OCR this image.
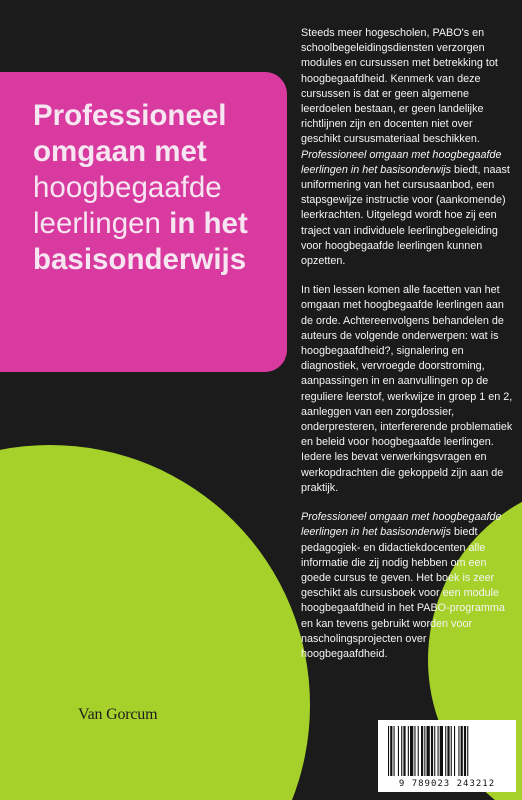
Professioneel
omgaan met
hoogbegaafde
leerlingen in het
basisonderwijs

Steeds meer hogescholen, PABO's en schoolbegeleidingsdiensten verzorgen modules en cursussen met betrekking tot hoogbegaafdheid. Kenmerk van deze cursussen is dat er geen algemene leerdoelen bestaan, er geen landelijke richtlijnen zijn en docenten niet over geschikt cursusmateriaal beschikken. Professioneel omgaan met hoogbegaafde leerlingen in het basisonderwijs biedt, naast uniformering van het cursusaanbod, een stapsgewijze instructie voor (aankomende) leerkrachten. Uitgelegd wordt hoe zij een traject van individuele leerlingbegeleiding voor hoogbegaafde leerlingen kunnen opzetten.

In tien lessen komen alle facetten van het omgaan met hoogbegaafde leerlingen aan de orde. Achtereenvolgens behandelen de auteurs de volgende onderwerpen: wat is hoogbegaafdheid?, signalering en diagnostiek, vervroegde doorstroming, aanpassingen in en aanvullingen op de reguliere leerstof, werkwijze in groep 1 en 2, aanleggen van een zorgdossier, onderpresteren, interfererende problematiek en beleid voor hoogbegaafde leerlingen. Iedere les bevat verwerkingsvragen en werkopdrachten die gekoppeld zijn aan de praktijk.

Professioneel omgaan met hoogbegaafde leerlingen in het basisonderwijs biedt pedagogiek- en didactiekdocenten alle informatie die zij nodig hebben om een goede cursus te geven. Het boek is zeer geschikt als cursusboek voor een module hoogbegaafdheid in het PABO-programma en kan tevens gebruikt worden voor nascholingsprojecten over hoogbegaafdheid.

Van Gorcum
9 789023 243212
